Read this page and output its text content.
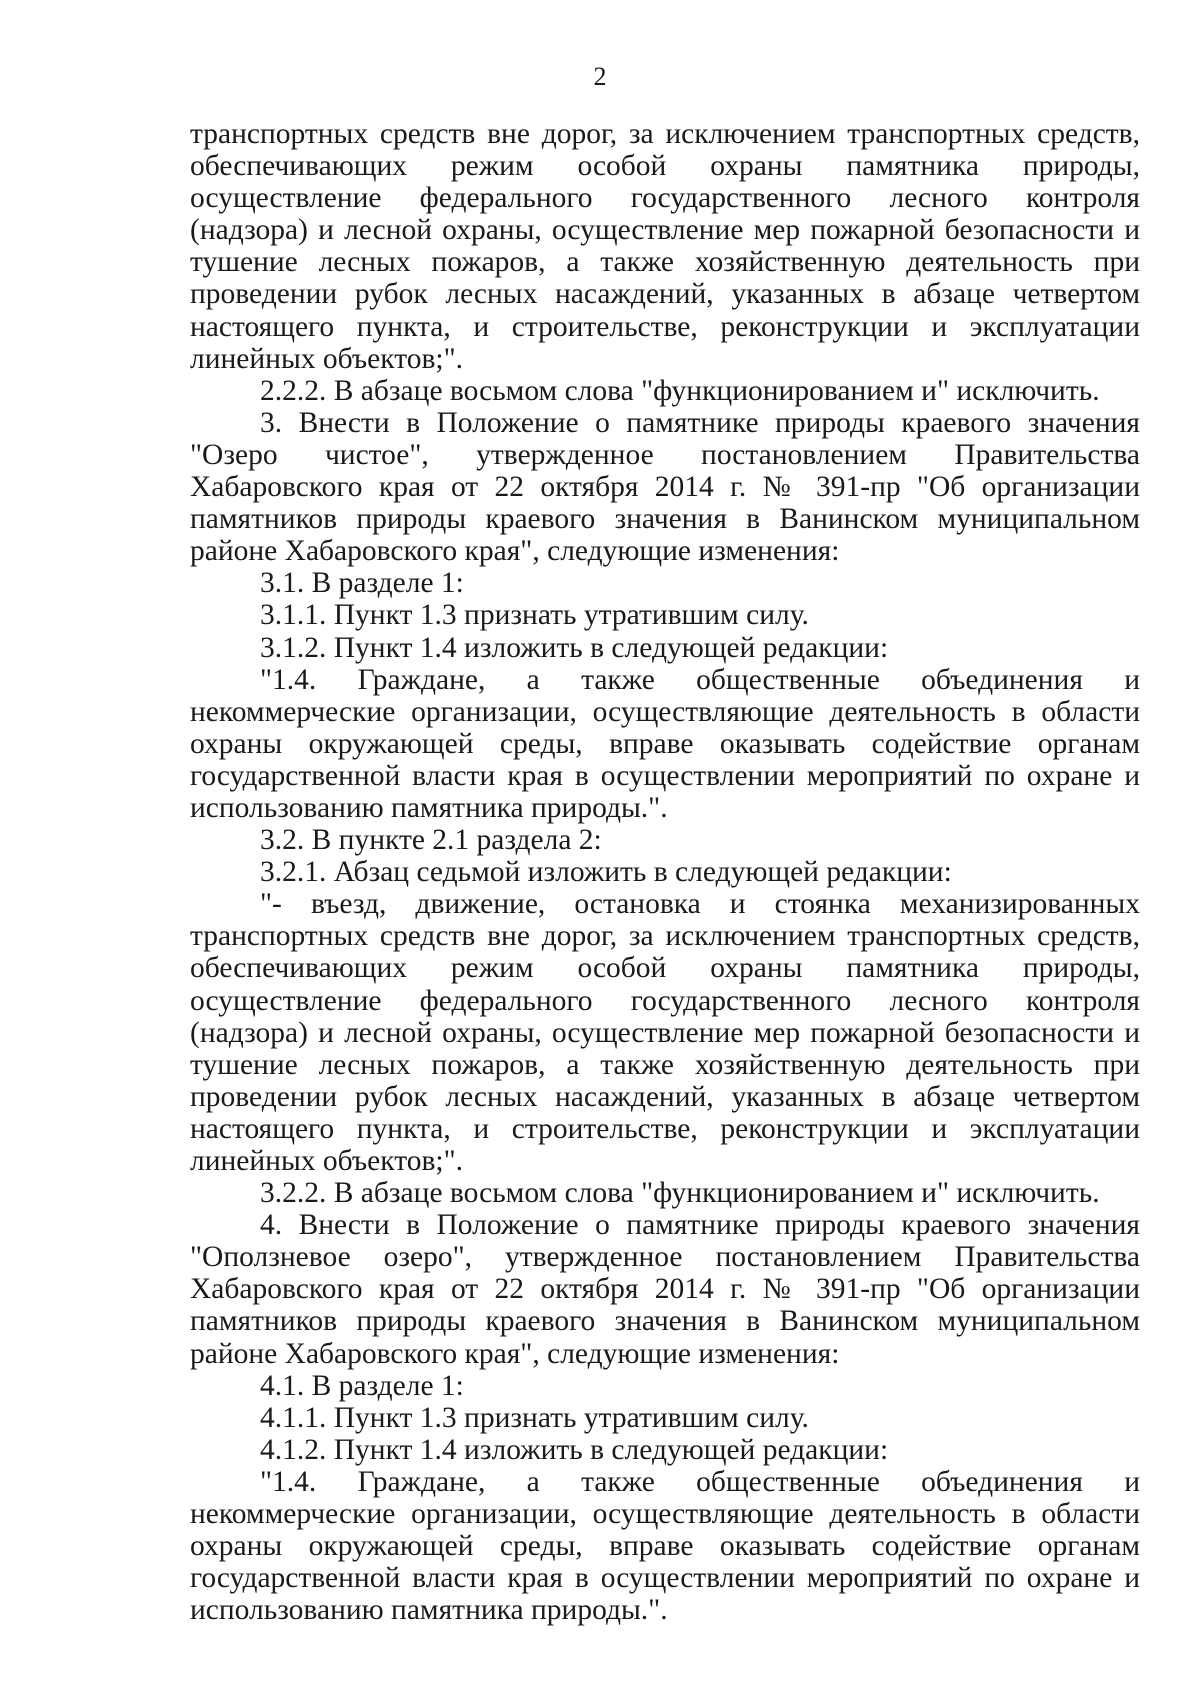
2

транспортных средств вне дорог, за исключением транспортных средств, обеспечивающих режим особой охраны памятника природы, осуществление федерального государственного лесного контроля (надзора) и лесной охраны, осуществление мер пожарной безопасности и тушение лесных пожаров, а также хозяйственную деятельность при проведении рубок лесных насаждений, указанных в абзаце четвертом настоящего пункта, и строительстве, реконструкции и эксплуатации линейных объектов;".

2.2.2. В абзаце восьмом слова "функционированием и" исключить.

3. Внести в Положение о памятнике природы краевого значения "Озеро чистое", утвержденное постановлением Правительства Хабаровского края от 22 октября 2014 г. № 391-пр "Об организации памятников природы краевого значения в Ванинском муниципальном районе Хабаровского края", следующие изменения:

3.1. В разделе 1:

3.1.1. Пункт 1.3 признать утратившим силу.

3.1.2. Пункт 1.4 изложить в следующей редакции:

"1.4. Граждане, а также общественные объединения и некоммерческие организации, осуществляющие деятельность в области охраны окружающей среды, вправе оказывать содействие органам государственной власти края в осуществлении мероприятий по охране и использованию памятника природы.".

3.2. В пункте 2.1 раздела 2:

3.2.1. Абзац седьмой изложить в следующей редакции:

"- въезд, движение, остановка и стоянка механизированных транспортных средств вне дорог, за исключением транспортных средств, обеспечивающих режим особой охраны памятника природы, осуществление федерального государственного лесного контроля (надзора) и лесной охраны, осуществление мер пожарной безопасности и тушение лесных пожаров, а также хозяйственную деятельность при проведении рубок лесных насаждений, указанных в абзаце четвертом настоящего пункта, и строительстве, реконструкции и эксплуатации линейных объектов;".

3.2.2. В абзаце восьмом слова "функционированием и" исключить.

4. Внести в Положение о памятнике природы краевого значения "Оползневое озеро", утвержденное постановлением Правительства Хабаровского края от 22 октября 2014 г. № 391-пр "Об организации памятников природы краевого значения в Ванинском муниципальном районе Хабаровского края", следующие изменения:

4.1. В разделе 1:

4.1.1. Пункт 1.3 признать утратившим силу.

4.1.2. Пункт 1.4 изложить в следующей редакции:

"1.4. Граждане, а также общественные объединения и некоммерческие организации, осуществляющие деятельность в области охраны окружающей среды, вправе оказывать содействие органам государственной власти края в осуществлении мероприятий по охране и использованию памятника природы.".
